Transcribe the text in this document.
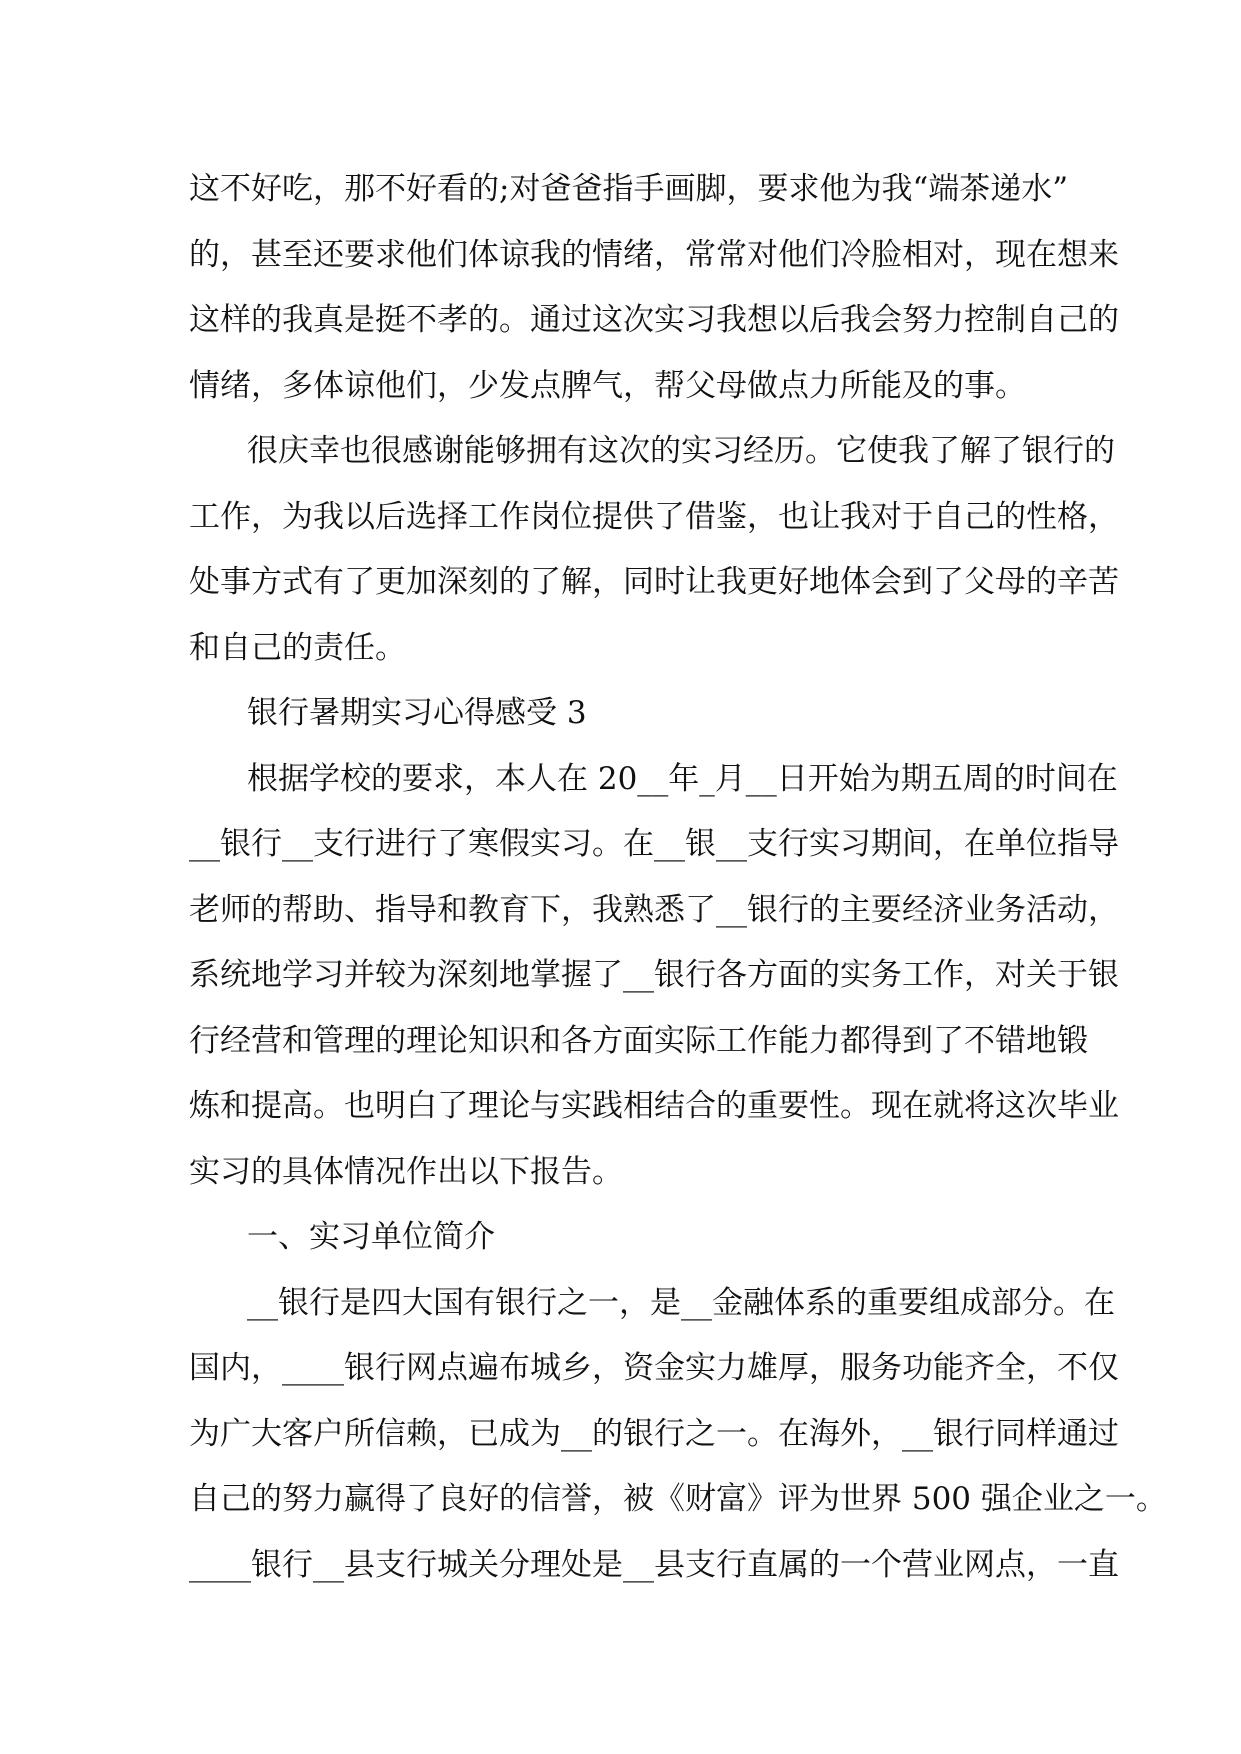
这不好吃，那不好看的;对爸爸指手画脚，要求他为我“端茶递水”
的，甚至还要求他们体谅我的情绪，常常对他们冷脸相对，现在想来
这样的我真是挺不孝的。通过这次实习我想以后我会努力控制自己的
情绪，多体谅他们，少发点脾气，帮父母做点力所能及的事。
很庆幸也很感谢能够拥有这次的实习经历。它使我了解了银行的
工作，为我以后选择工作岗位提供了借鉴，也让我对于自己的性格，
处事方式有了更加深刻的了解，同时让我更好地体会到了父母的辛苦
和自己的责任。
银行暑期实习心得感受 3
根据学校的要求，本人在 20__年_月__日开始为期五周的时间在
__银行__支行进行了寒假实习。在__银__支行实习期间，在单位指导
老师的帮助、指导和教育下，我熟悉了__银行的主要经济业务活动，
系统地学习并较为深刻地掌握了__银行各方面的实务工作，对关于银
行经营和管理的理论知识和各方面实际工作能力都得到了不错地锻
炼和提高。也明白了理论与实践相结合的重要性。现在就将这次毕业
实习的具体情况作出以下报告。
一、实习单位简介
__银行是四大国有银行之一，是__金融体系的重要组成部分。在
国内，____银行网点遍布城乡，资金实力雄厚，服务功能齐全，不仅
为广大客户所信赖，已成为__的银行之一。在海外，__银行同样通过
自己的努力赢得了良好的信誉，被《财富》评为世界 500 强企业之一。
____银行__县支行城关分理处是__县支行直属的一个营业网点，一直
